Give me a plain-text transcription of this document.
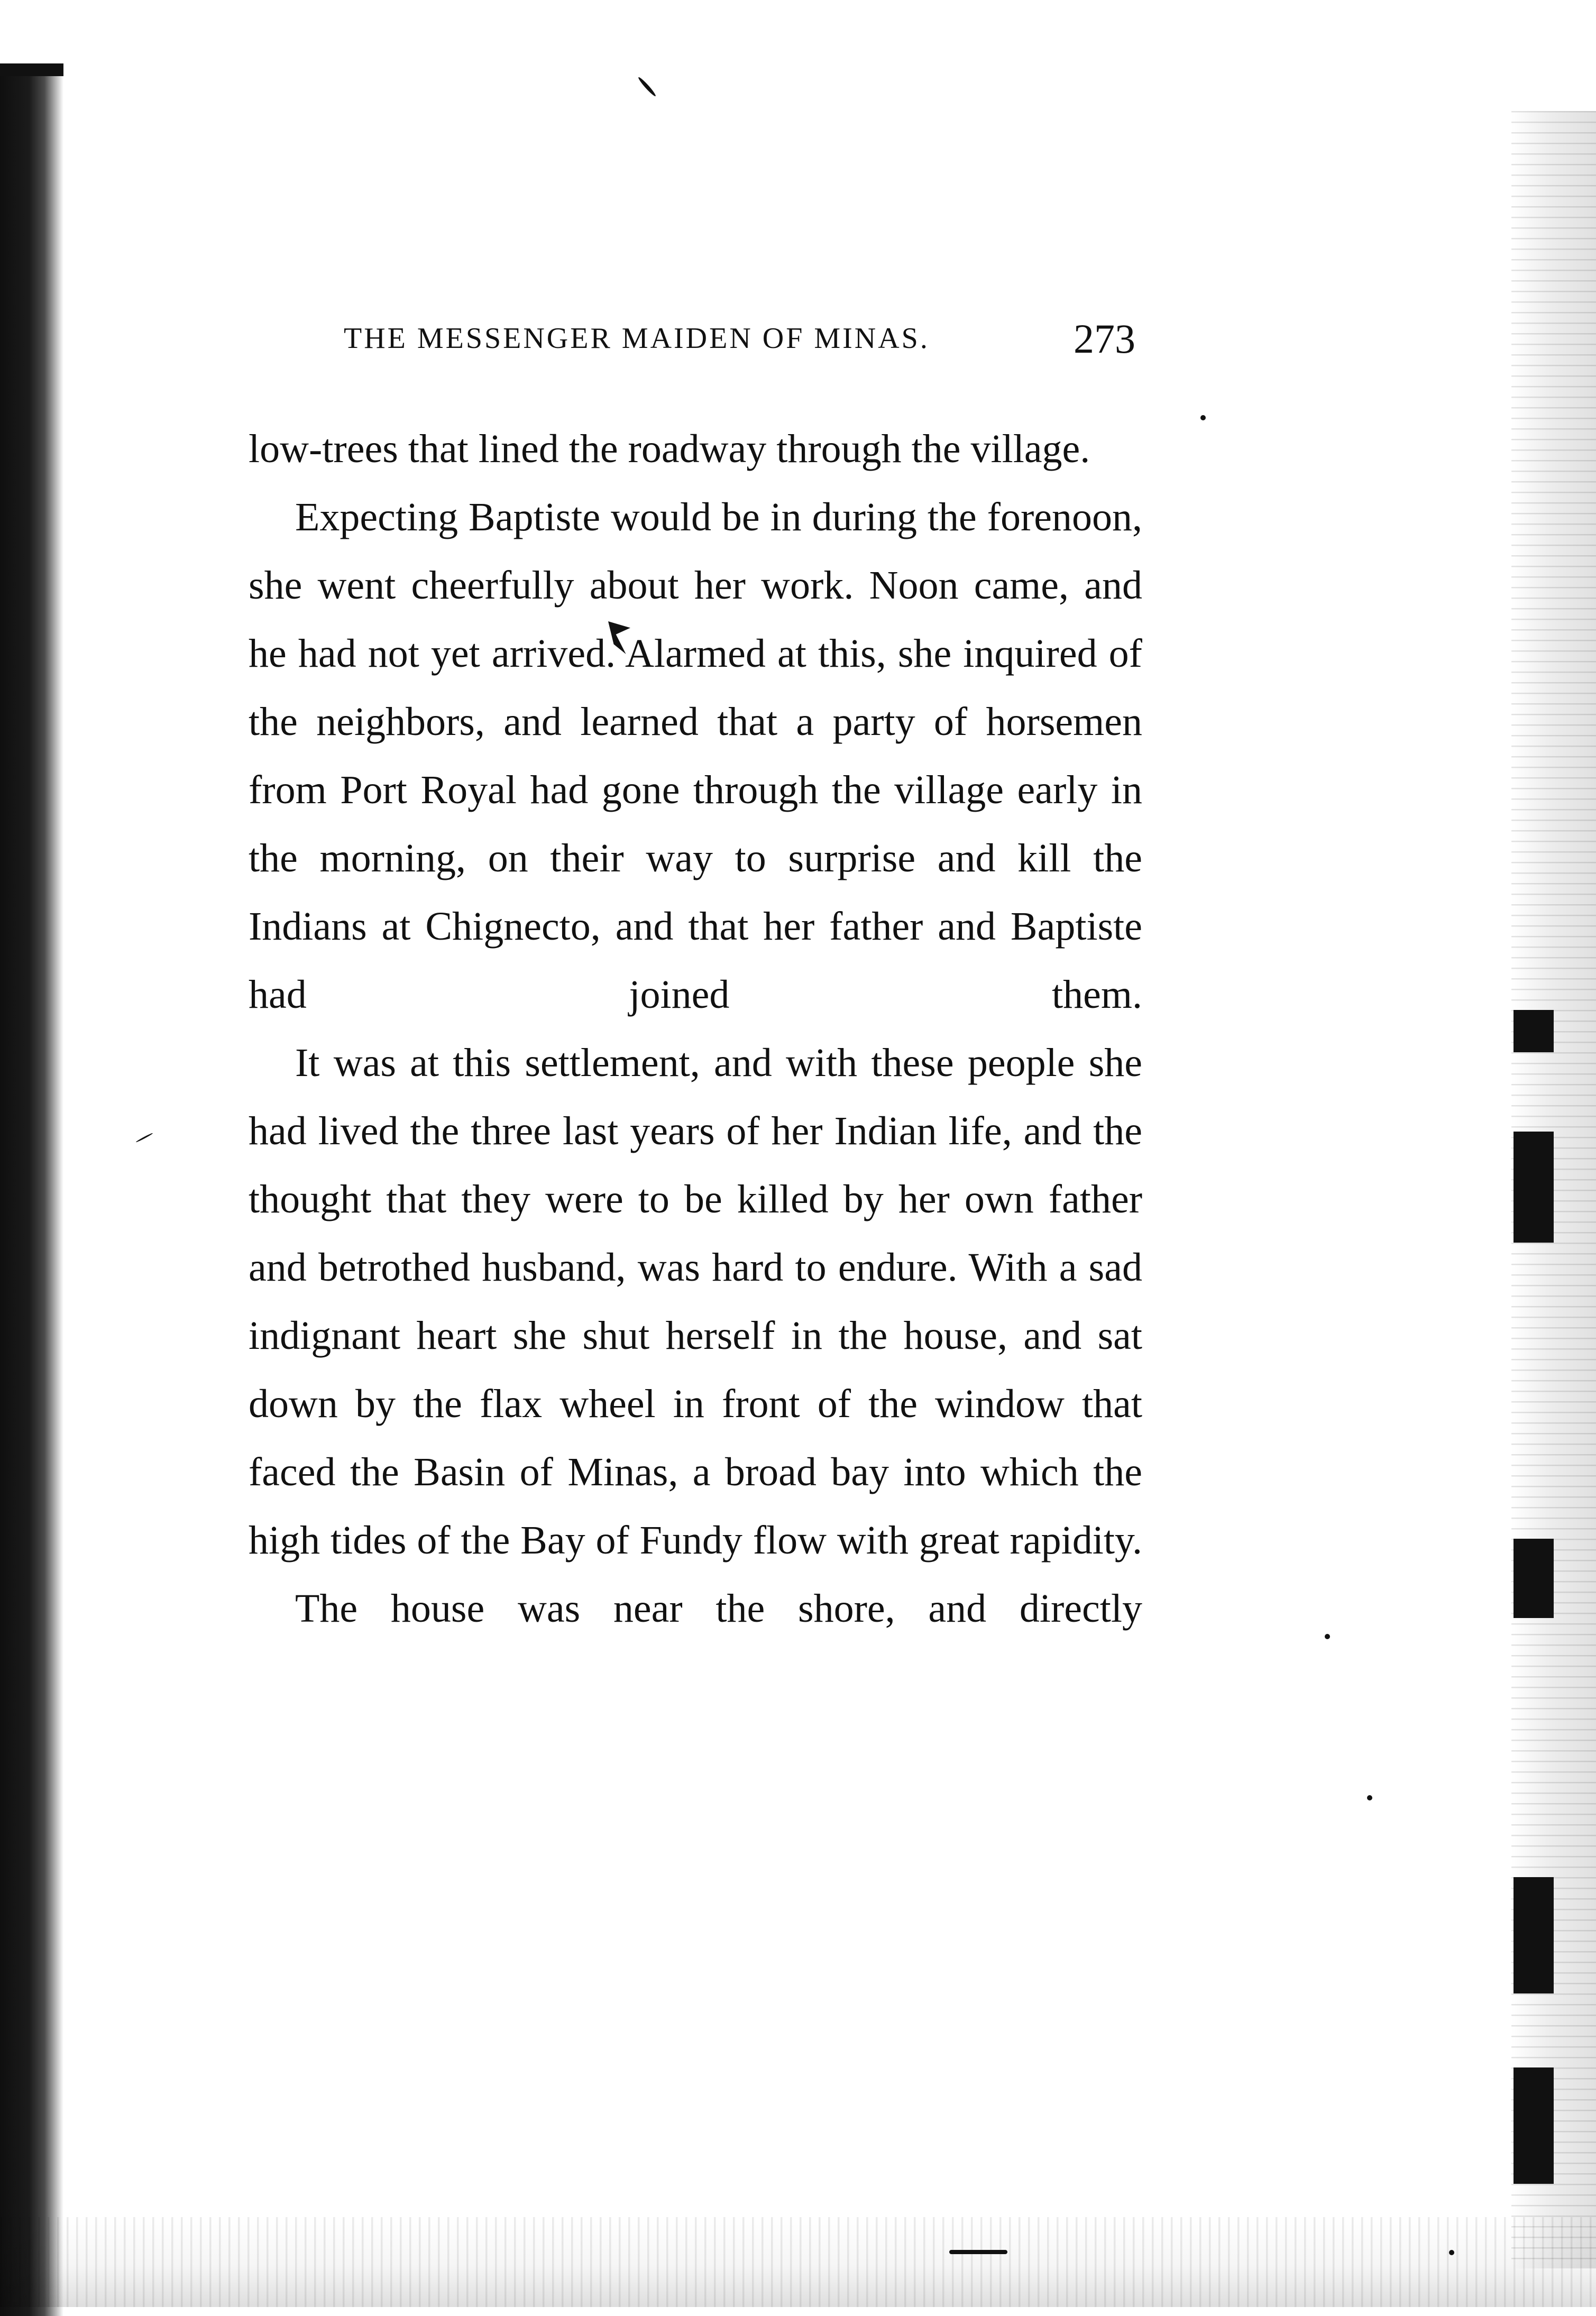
THE MESSENGER MAIDEN OF MINAS.	273

low-trees that lined the roadway through the village.

Expecting Baptiste would be in during the forenoon, she went cheerfully about her work. Noon came, and he had not yet arrived. Alarmed at this, she inquired of the neighbors, and learned that a party of horsemen from Port Royal had gone through the village early in the morning, on their way to surprise and kill the Indians at Chignecto, and that her father and Baptiste had joined them.

It was at this settlement, and with these people she had lived the three last years of her Indian life, and the thought that they were to be killed by her own father and betrothed husband, was hard to endure. With a sad indignant heart she shut herself in the house, and sat down by the flax wheel in front of the window that faced the Basin of Minas, a broad bay into which the high tides of the Bay of Fundy flow with great rapidity.

The house was near the shore, and directly
